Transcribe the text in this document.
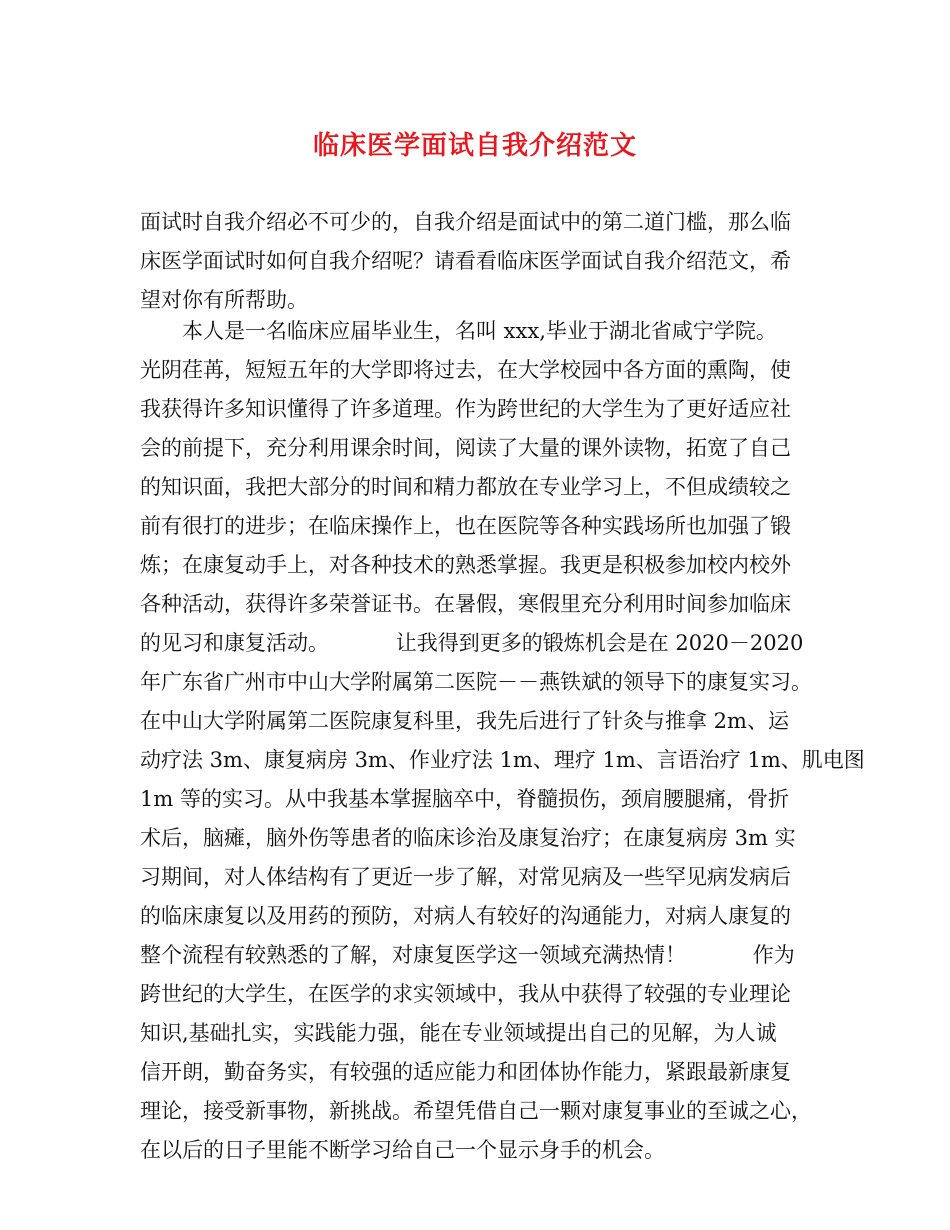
临床医学面试自我介绍范文
面试时自我介绍必不可少的，自我介绍是面试中的第二道门槛，那么临
床医学面试时如何自我介绍呢？请看看临床医学面试自我介绍范文，希
望对你有所帮助。
本人是一名临床应届毕业生，名叫 xxx,毕业于湖北省咸宁学院。
光阴荏苒，短短五年的大学即将过去，在大学校园中各方面的熏陶，使
我获得许多知识懂得了许多道理。作为跨世纪的大学生为了更好适应社
会的前提下，充分利用课余时间，阅读了大量的课外读物，拓宽了自己
的知识面，我把大部分的时间和精力都放在专业学习上，不但成绩较之
前有很打的进步；在临床操作上，也在医院等各种实践场所也加强了锻
炼；在康复动手上，对各种技术的熟悉掌握。我更是积极参加校内校外
各种活动，获得许多荣誉证书。在暑假，寒假里充分利用时间参加临床
的见习和康复活动。          让我得到更多的锻炼机会是在 2020－2020
年广东省广州市中山大学附属第二医院－－燕铁斌的领导下的康复实习。
在中山大学附属第二医院康复科里，我先后进行了针灸与推拿 2m、运
动疗法 3m、康复病房 3m、作业疗法 1m、理疗 1m、言语治疗 1m、肌电图
1m 等的实习。从中我基本掌握脑卒中，脊髓损伤，颈肩腰腿痛，骨折
术后，脑瘫，脑外伤等患者的临床诊治及康复治疗；在康复病房 3m 实
习期间，对人体结构有了更近一步了解，对常见病及一些罕见病发病后
的临床康复以及用药的预防，对病人有较好的沟通能力，对病人康复的
整个流程有较熟悉的了解，对康复医学这一领域充满热情！          作为
跨世纪的大学生，在医学的求实领域中，我从中获得了较强的专业理论
知识,基础扎实，实践能力强，能在专业领域提出自己的见解，为人诚
信开朗，勤奋务实，有较强的适应能力和团体协作能力，紧跟最新康复
理论，接受新事物，新挑战。希望凭借自己一颗对康复事业的至诚之心，
在以后的日子里能不断学习给自己一个显示身手的机会。
